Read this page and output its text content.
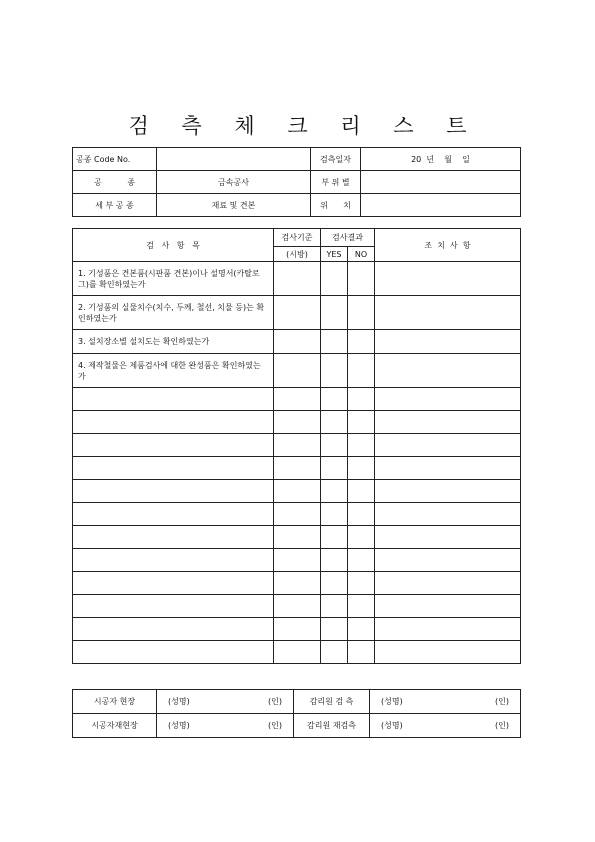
검 측 체 크 리 스 트
공종 Code No.		검측일자	20  년    월    일
공          종	금속공사	부 위 별	
세 부 공 종	재료 및 견본	위      치	
검   사   항   목	검사기준	검사결과		조  치  사  항
	(시방)	YES	NO	
1. 기성품은 견본품(시판품 견본)이나 설명서(카탈로그)를 확인하였는가				
2. 기성품의 실물치수(치수, 두께, 철선, 치물 등)는 확인하였는가				
3. 설치장소별 설치도는 확인하였는가				
4. 제작철물은 제품검사에 대한 완성품은 확인하였는가				

시공자 현장	(성명) (인)	감리원 검 측	(성명) (인)

시공자재현장	(성명) (인)	감리원 재검측	(성명) (인)
